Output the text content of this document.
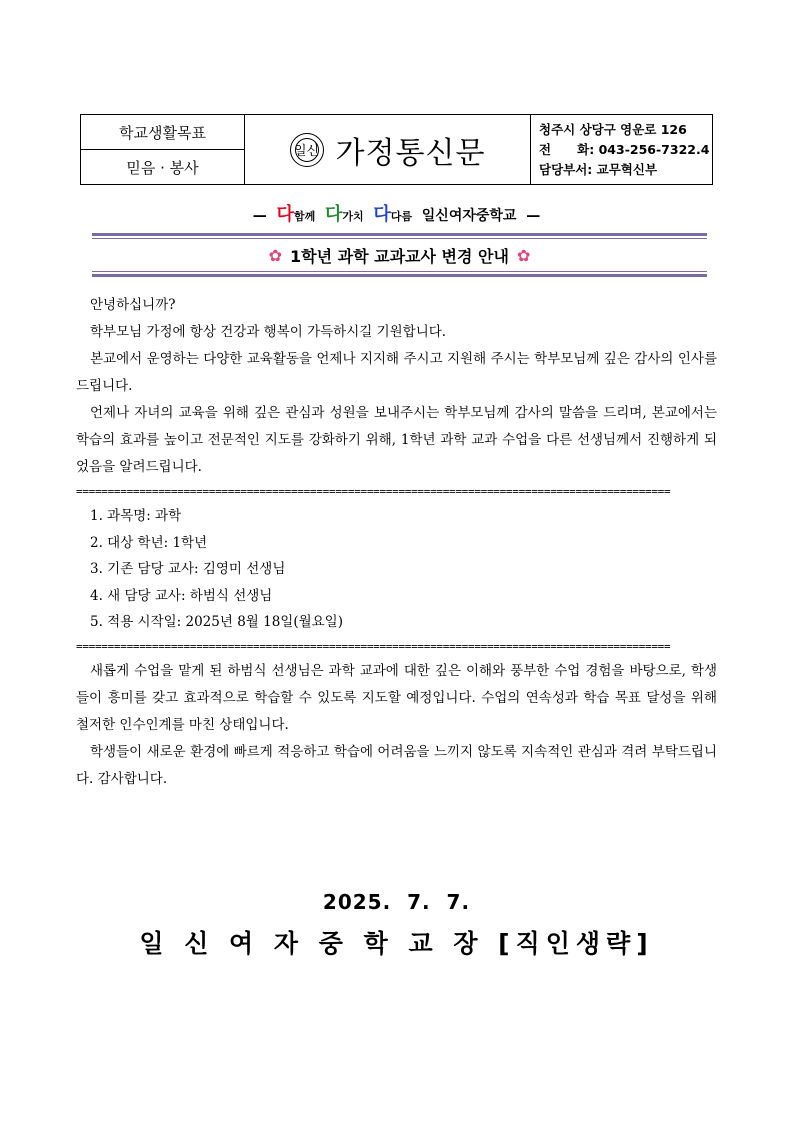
학교생활목표
믿음 · 봉사
일신 가정통신문
청주시 상당구 영운로 126
전      화: 043-256-7322.4
담당부서: 교무혁신부
— 다함께 다가치 다다름 일신여자중학교 —
✿ 1학년 과학 교과교사 변경 안내 ✿

안녕하십니까?

학부모님 가정에 항상 건강과 행복이 가득하시길 기원합니다.

본교에서 운영하는 다양한 교육활동을 언제나 지지해 주시고 지원해 주시는 학부모님께 깊은 감사의 인사를 드립니다.

언제나 자녀의 교육을 위해 깊은 관심과 성원을 보내주시는 학부모님께 감사의 말씀을 드리며, 본교에서는 학습의 효과를 높이고 전문적인 지도를 강화하기 위해, 1학년 과학 교과 수업을 다른 선생님께서 진행하게 되었음을 알려드립니다.

==============================================================================================
1. 과목명: 과학
2. 대상 학년: 1학년
3. 기존 담당 교사: 김영미 선생님
4. 새 담당 교사: 하범식 선생님
5. 적용 시작일: 2025년 8월 18일(월요일)
==============================================================================================

새롭게 수업을 맡게 된 하범식 선생님은 과학 교과에 대한 깊은 이해와 풍부한 수업 경험을 바탕으로, 학생들이 흥미를 갖고 효과적으로 학습할 수 있도록 지도할 예정입니다. 수업의 연속성과 학습 목표 달성을 위해 철저한 인수인계를 마친 상태입니다.

학생들이 새로운 환경에 빠르게 적응하고 학습에 어려움을 느끼지 않도록 지속적인 관심과 격려 부탁드립니다. 감사합니다.

2025.  7.  7.
일 신 여 자 중 학 교 장 [직인생략]
